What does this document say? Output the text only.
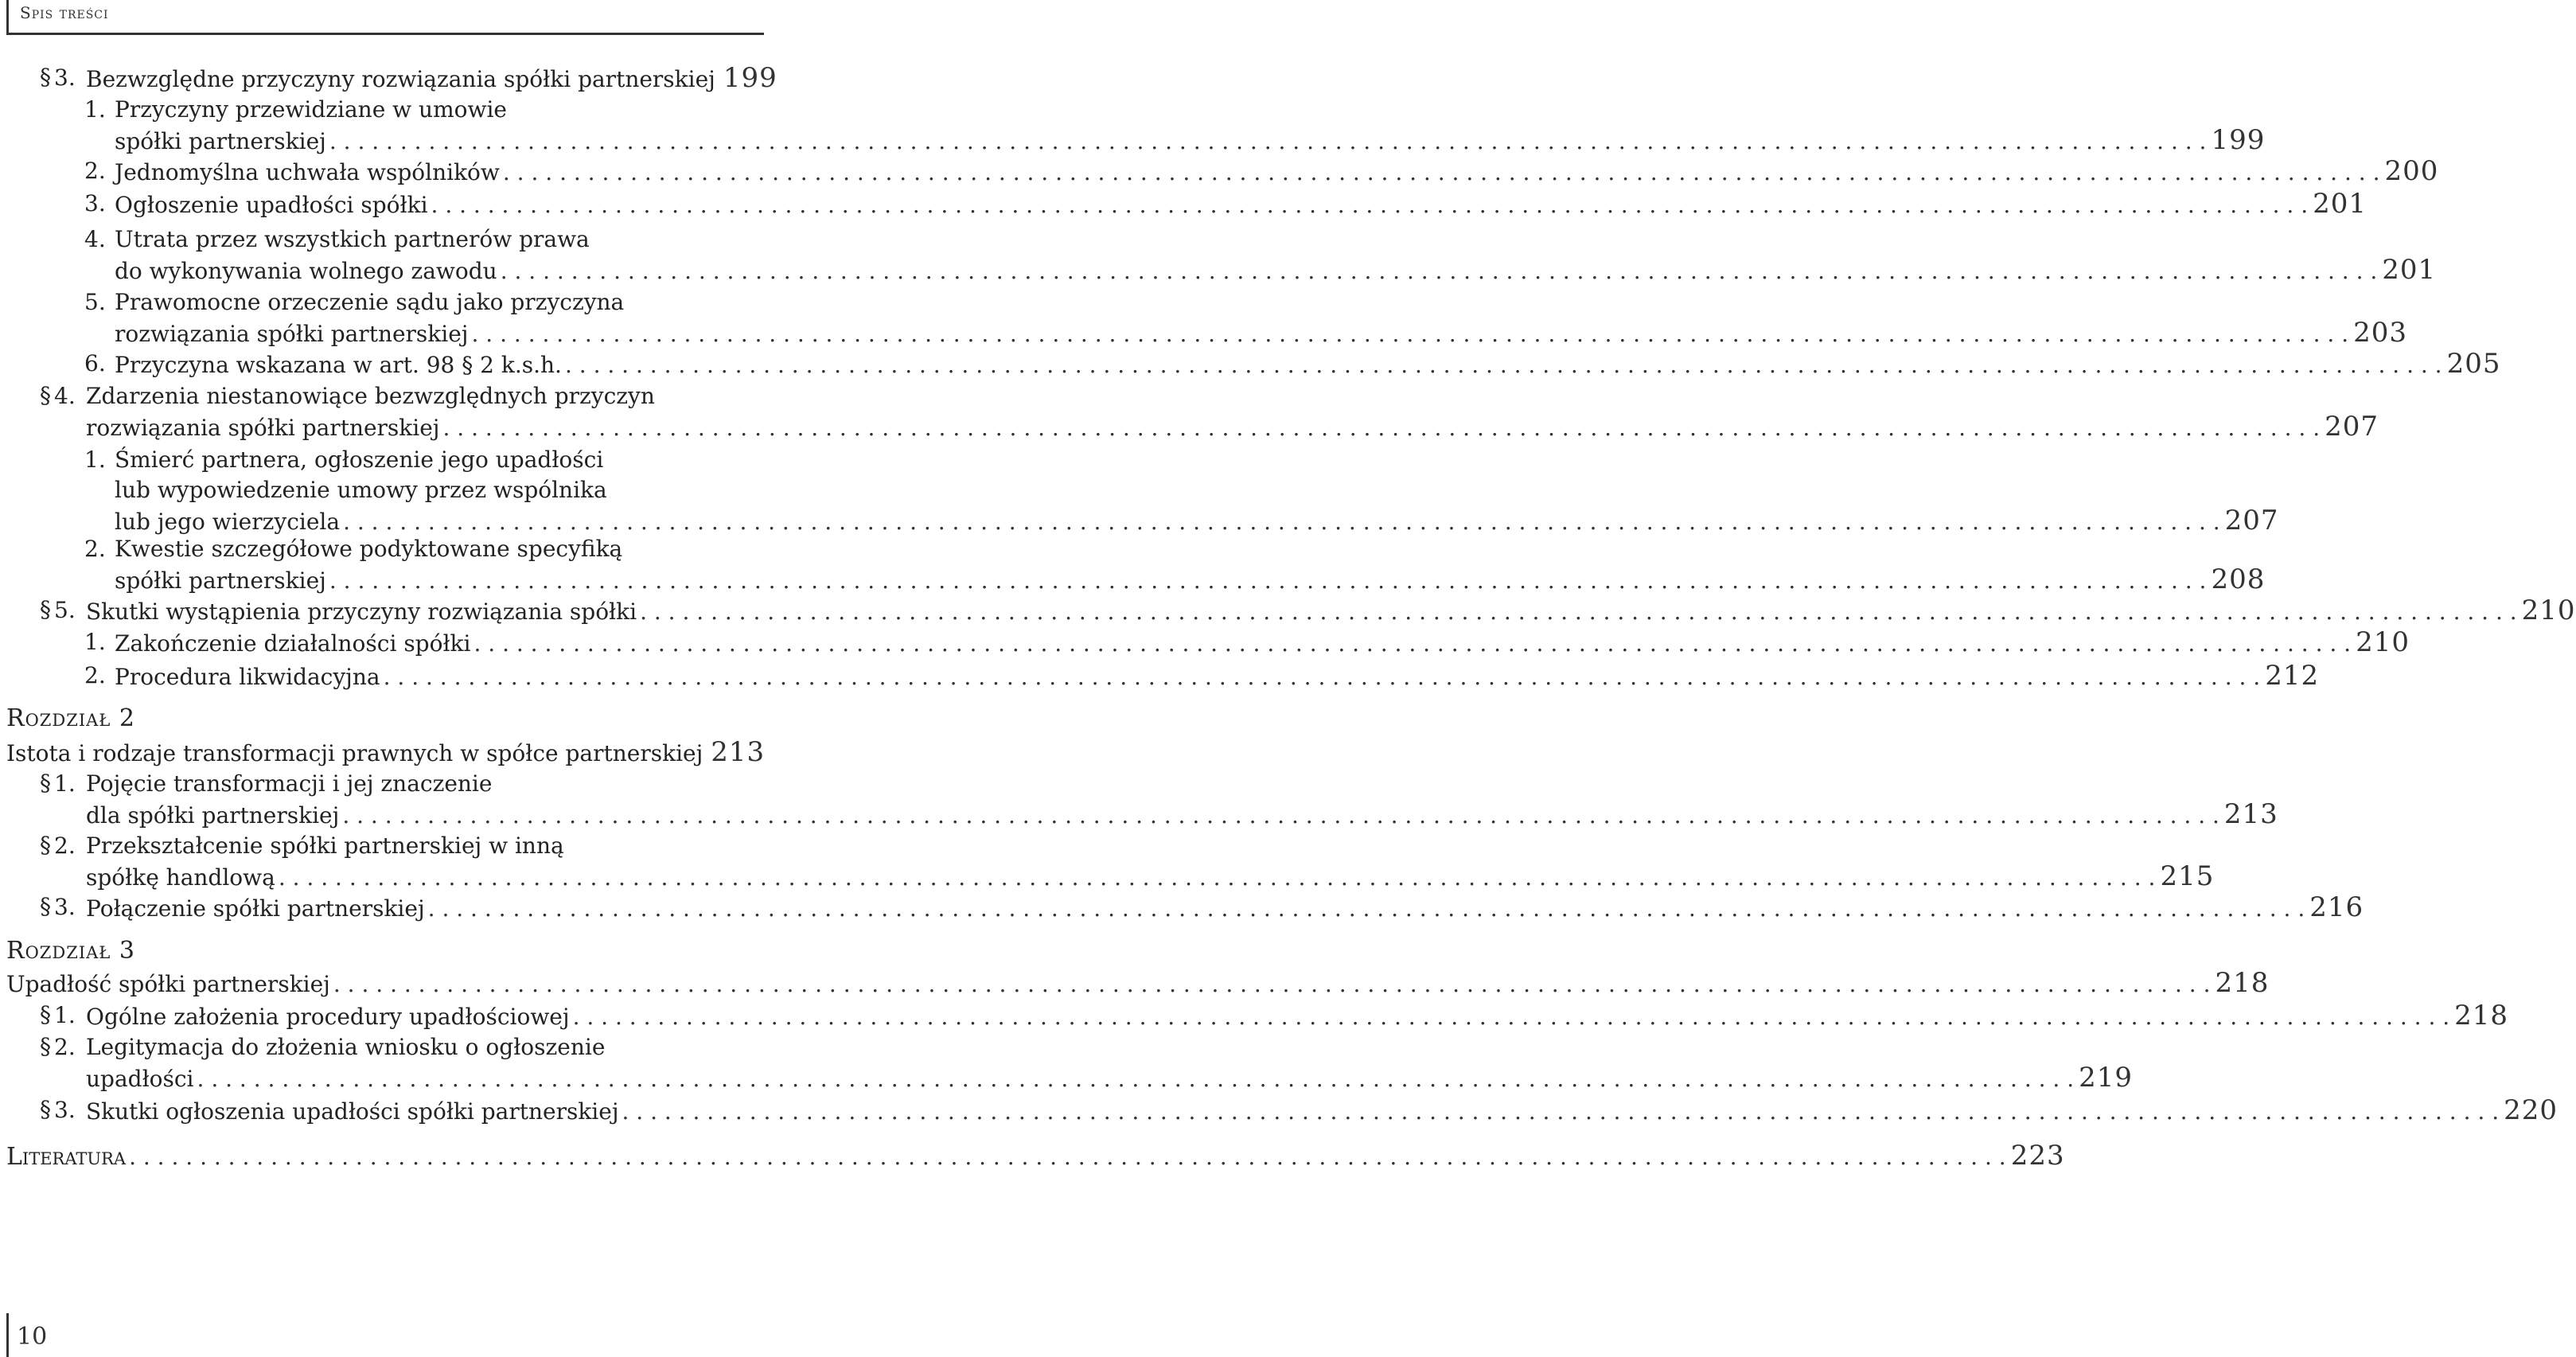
Spis treści
§ 3. Bezwzględne przyczyny rozwiązania spółki partnerskiej 199
1. Przyczyny przewidziane w umowie
spółki partnerskiej . . .	199
2. Jednomyślna uchwała wspólników . . .	200
3. Ogłoszenie upadłości spółki . . .	201
4. Utrata przez wszystkich partnerów prawa
do wykonywania wolnego zawodu . . .	201
5. Prawomocne orzeczenie sądu jako przyczyna
rozwiązania spółki partnerskiej . . .	203
6. Przyczyna wskazana w art. 98 § 2 k.s.h. . . .	205
§ 4. Zdarzenia niestanowiące bezwzględnych przyczyn
rozwiązania spółki partnerskiej . . .	207
1. Śmierć partnera, ogłoszenie jego upadłości
lub wypowiedzenie umowy przez wspólnika
lub jego wierzyciela . . .	207
2. Kwestie szczegółowe podyktowane specyfiką
spółki partnerskiej . . .	208
§ 5. Skutki wystąpienia przyczyny rozwiązania spółki . . .	210
1. Zakończenie działalności spółki . . .	210
2. Procedura likwidacyjna . . .	212
Rozdział 2
Istota i rodzaje transformacji prawnych w spółce partnerskiej 213
§ 1. Pojęcie transformacji i jej znaczenie
dla spółki partnerskiej . . .	213
§ 2. Przekształcenie spółki partnerskiej w inną
spółkę handlową . . .	215
§ 3. Połączenie spółki partnerskiej . . .	216
Rozdział 3
Upadłość spółki partnerskiej . . .	218
§ 1. Ogólne założenia procedury upadłościowej . . .	218
§ 2. Legitymacja do złożenia wniosku o ogłoszenie
upadłości . . .	219
§ 3. Skutki ogłoszenia upadłości spółki partnerskiej . . .	220
Literatura . . .	223
10
